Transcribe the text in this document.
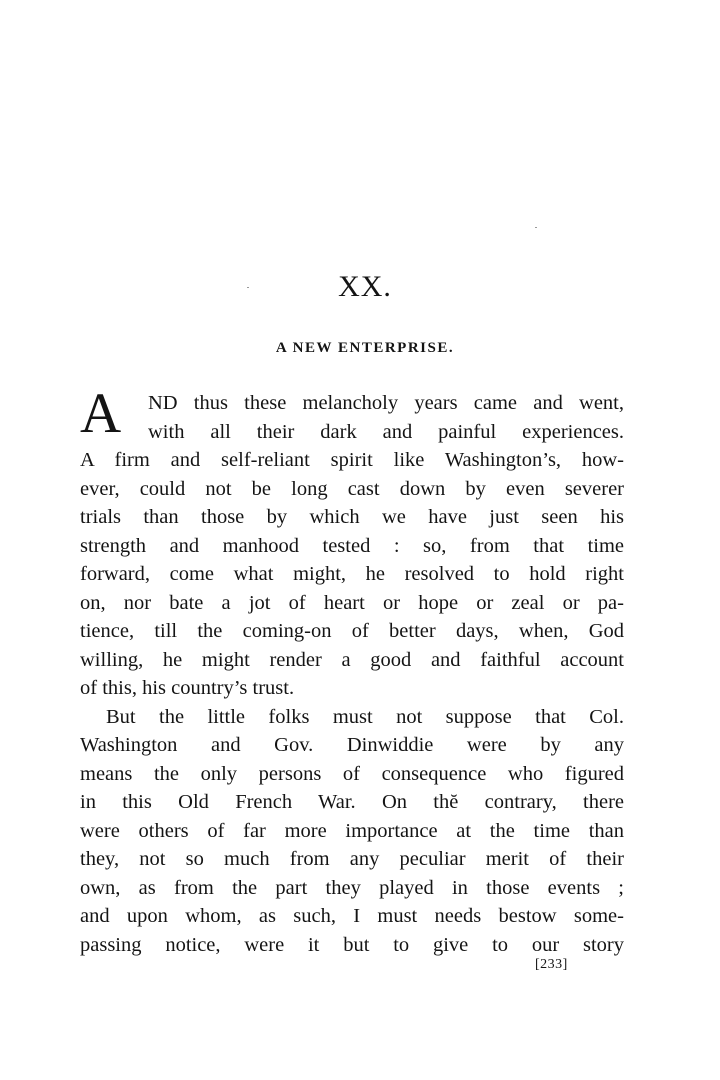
XX.
A NEW ENTERPRISE.
A	ND thus these melancholy years came and went,
with all their dark and painful experiences.
A firm and self-reliant spirit like Washington’s, how-
ever, could not be long cast down by even severer
trials than those by which we have just seen his
strength and manhood tested : so, from that time
forward, come what might, he resolved to hold right
on, nor bate a jot of heart or hope or zeal or pa-
tience, till the coming-on of better days, when, God
willing, he might render a good and faithful account
of this, his country’s trust.
But the little folks must not suppose that Col.
Washington and Gov. Dinwiddie were by any
means the only persons of consequence who figured
in this Old French War. On thĕ contrary, there
were others of far more importance at the time than
they, not so much from any peculiar merit of their
own, as from the part they played in those events ;
and upon whom, as such, I must needs bestow some-
passing notice, were it but to give to our story
[233]
